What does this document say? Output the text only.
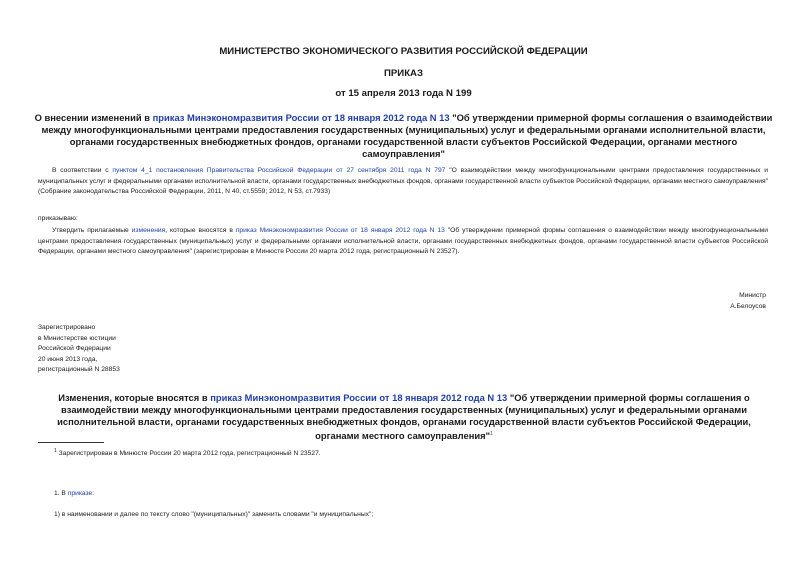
МИНИСТЕРСТВО ЭКОНОМИЧЕСКОГО РАЗВИТИЯ РОССИЙСКОЙ ФЕДЕРАЦИИ
ПРИКАЗ
от 15 апреля 2013 года N 199
О внесении изменений в приказ Минэкономразвития России от 18 января 2012 года N 13 "Об утверждении примерной формы соглашения о взаимодействии между многофункциональными центрами предоставления государственных (муниципальных) услуг и федеральными органами исполнительной власти, органами государственных внебюджетных фондов, органами государственной власти субъектов Российской Федерации, органами местного самоуправления"
В соответствии с пунктом 4_1 постановления Правительства Российской Федерации от 27 сентября 2011 года N 797 "О взаимодействии между многофункциональными центрами предоставления государственных и муниципальных услуг и федеральными органами исполнительной власти, органами государственных внебюджетных фондов, органами государственной власти субъектов Российской Федерации, органами местного самоуправления" (Собрание законодательства Российской Федерации, 2011, N 40, ст.5559; 2012, N 53, ст.7933)
приказываю:
Утвердить прилагаемые изменения, которые вносятся в приказ Минэкономразвития России от 18 января 2012 года N 13 "Об утверждении примерной формы соглашения о взаимодействии между многофункциональными центрами предоставления государственных (муниципальных) услуг и федеральными органами исполнительной власти, органами государственных внебюджетных фондов, органами государственной власти субъектов Российской Федерации, органами местного самоуправления" (зарегистрирован в Минюсте России 20 марта 2012 года, регистрационный N 23527).
Министр
А.Белоусов
Зарегистрировано
в Министерстве юстиции
Российской Федерации
20 июня 2013 года,
регистрационный N 28853
Изменения, которые вносятся в приказ Минэкономразвития России от 18 января 2012 года N 13 "Об утверждении примерной формы соглашения о взаимодействии между многофункциональными центрами предоставления государственных (муниципальных) услуг и федеральными органами исполнительной власти, органами государственных внебюджетных фондов, органами государственной власти субъектов Российской Федерации, органами местного самоуправления"$^1$
$^1$ Зарегистрирован в Минюсте России 20 марта 2012 года, регистрационный N 23527.
1. В приказе:
1) в наименовании и далее по тексту слово "(муниципальных)" заменить словами "и муниципальных";
